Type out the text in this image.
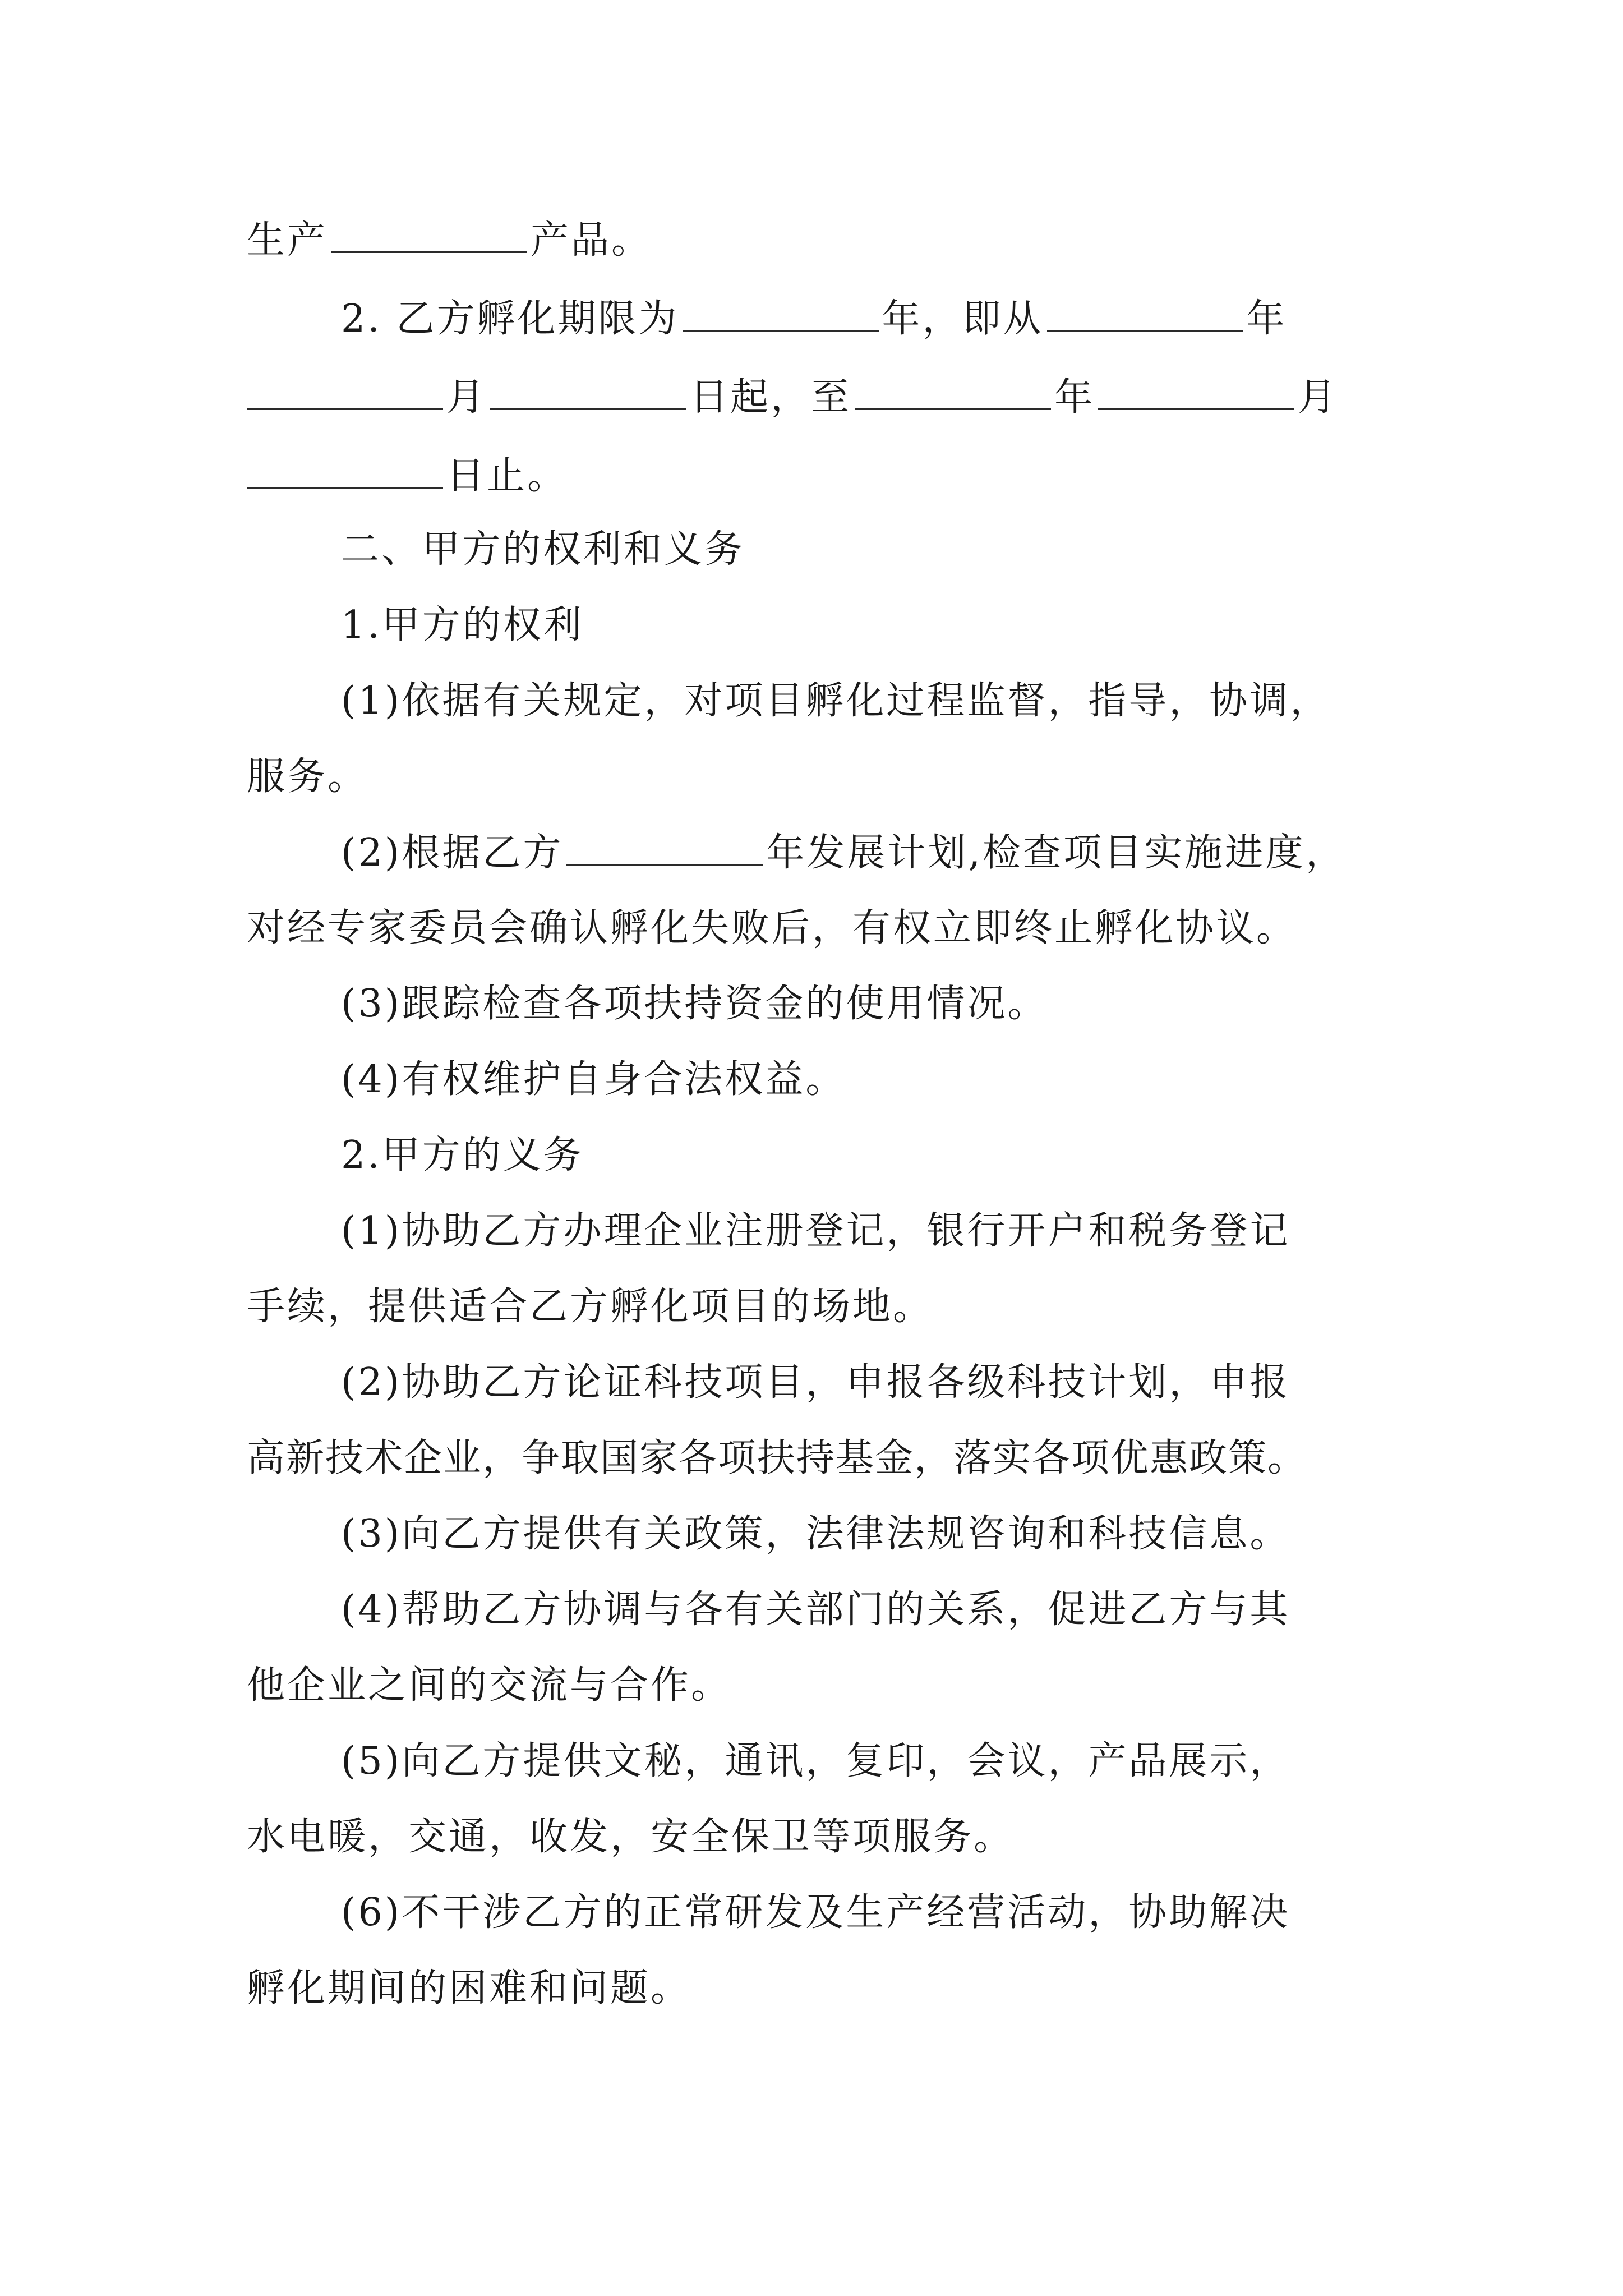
生产	产品。
2. 乙方孵化期限为	年，即从	年
月	日起，至	年	月
日止。
二、甲方的权利和义务
1.甲方的权利
(1)依据有关规定，对项目孵化过程监督，指导，协调，
服务。
(2)根据乙方	年发展计划,检查项目实施进度，
对经专家委员会确认孵化失败后，有权立即终止孵化协议。
(3)跟踪检查各项扶持资金的使用情况。
(4)有权维护自身合法权益。
2.甲方的义务
(1)协助乙方办理企业注册登记，银行开户和税务登记
手续，提供适合乙方孵化项目的场地。
(2)协助乙方论证科技项目，申报各级科技计划，申报
高新技术企业，争取国家各项扶持基金，落实各项优惠政策。
(3)向乙方提供有关政策，法律法规咨询和科技信息。
(4)帮助乙方协调与各有关部门的关系，促进乙方与其
他企业之间的交流与合作。
(5)向乙方提供文秘，通讯，复印，会议，产品展示，
水电暖，交通，收发，安全保卫等项服务。
(6)不干涉乙方的正常研发及生产经营活动，协助解决
孵化期间的困难和问题。
